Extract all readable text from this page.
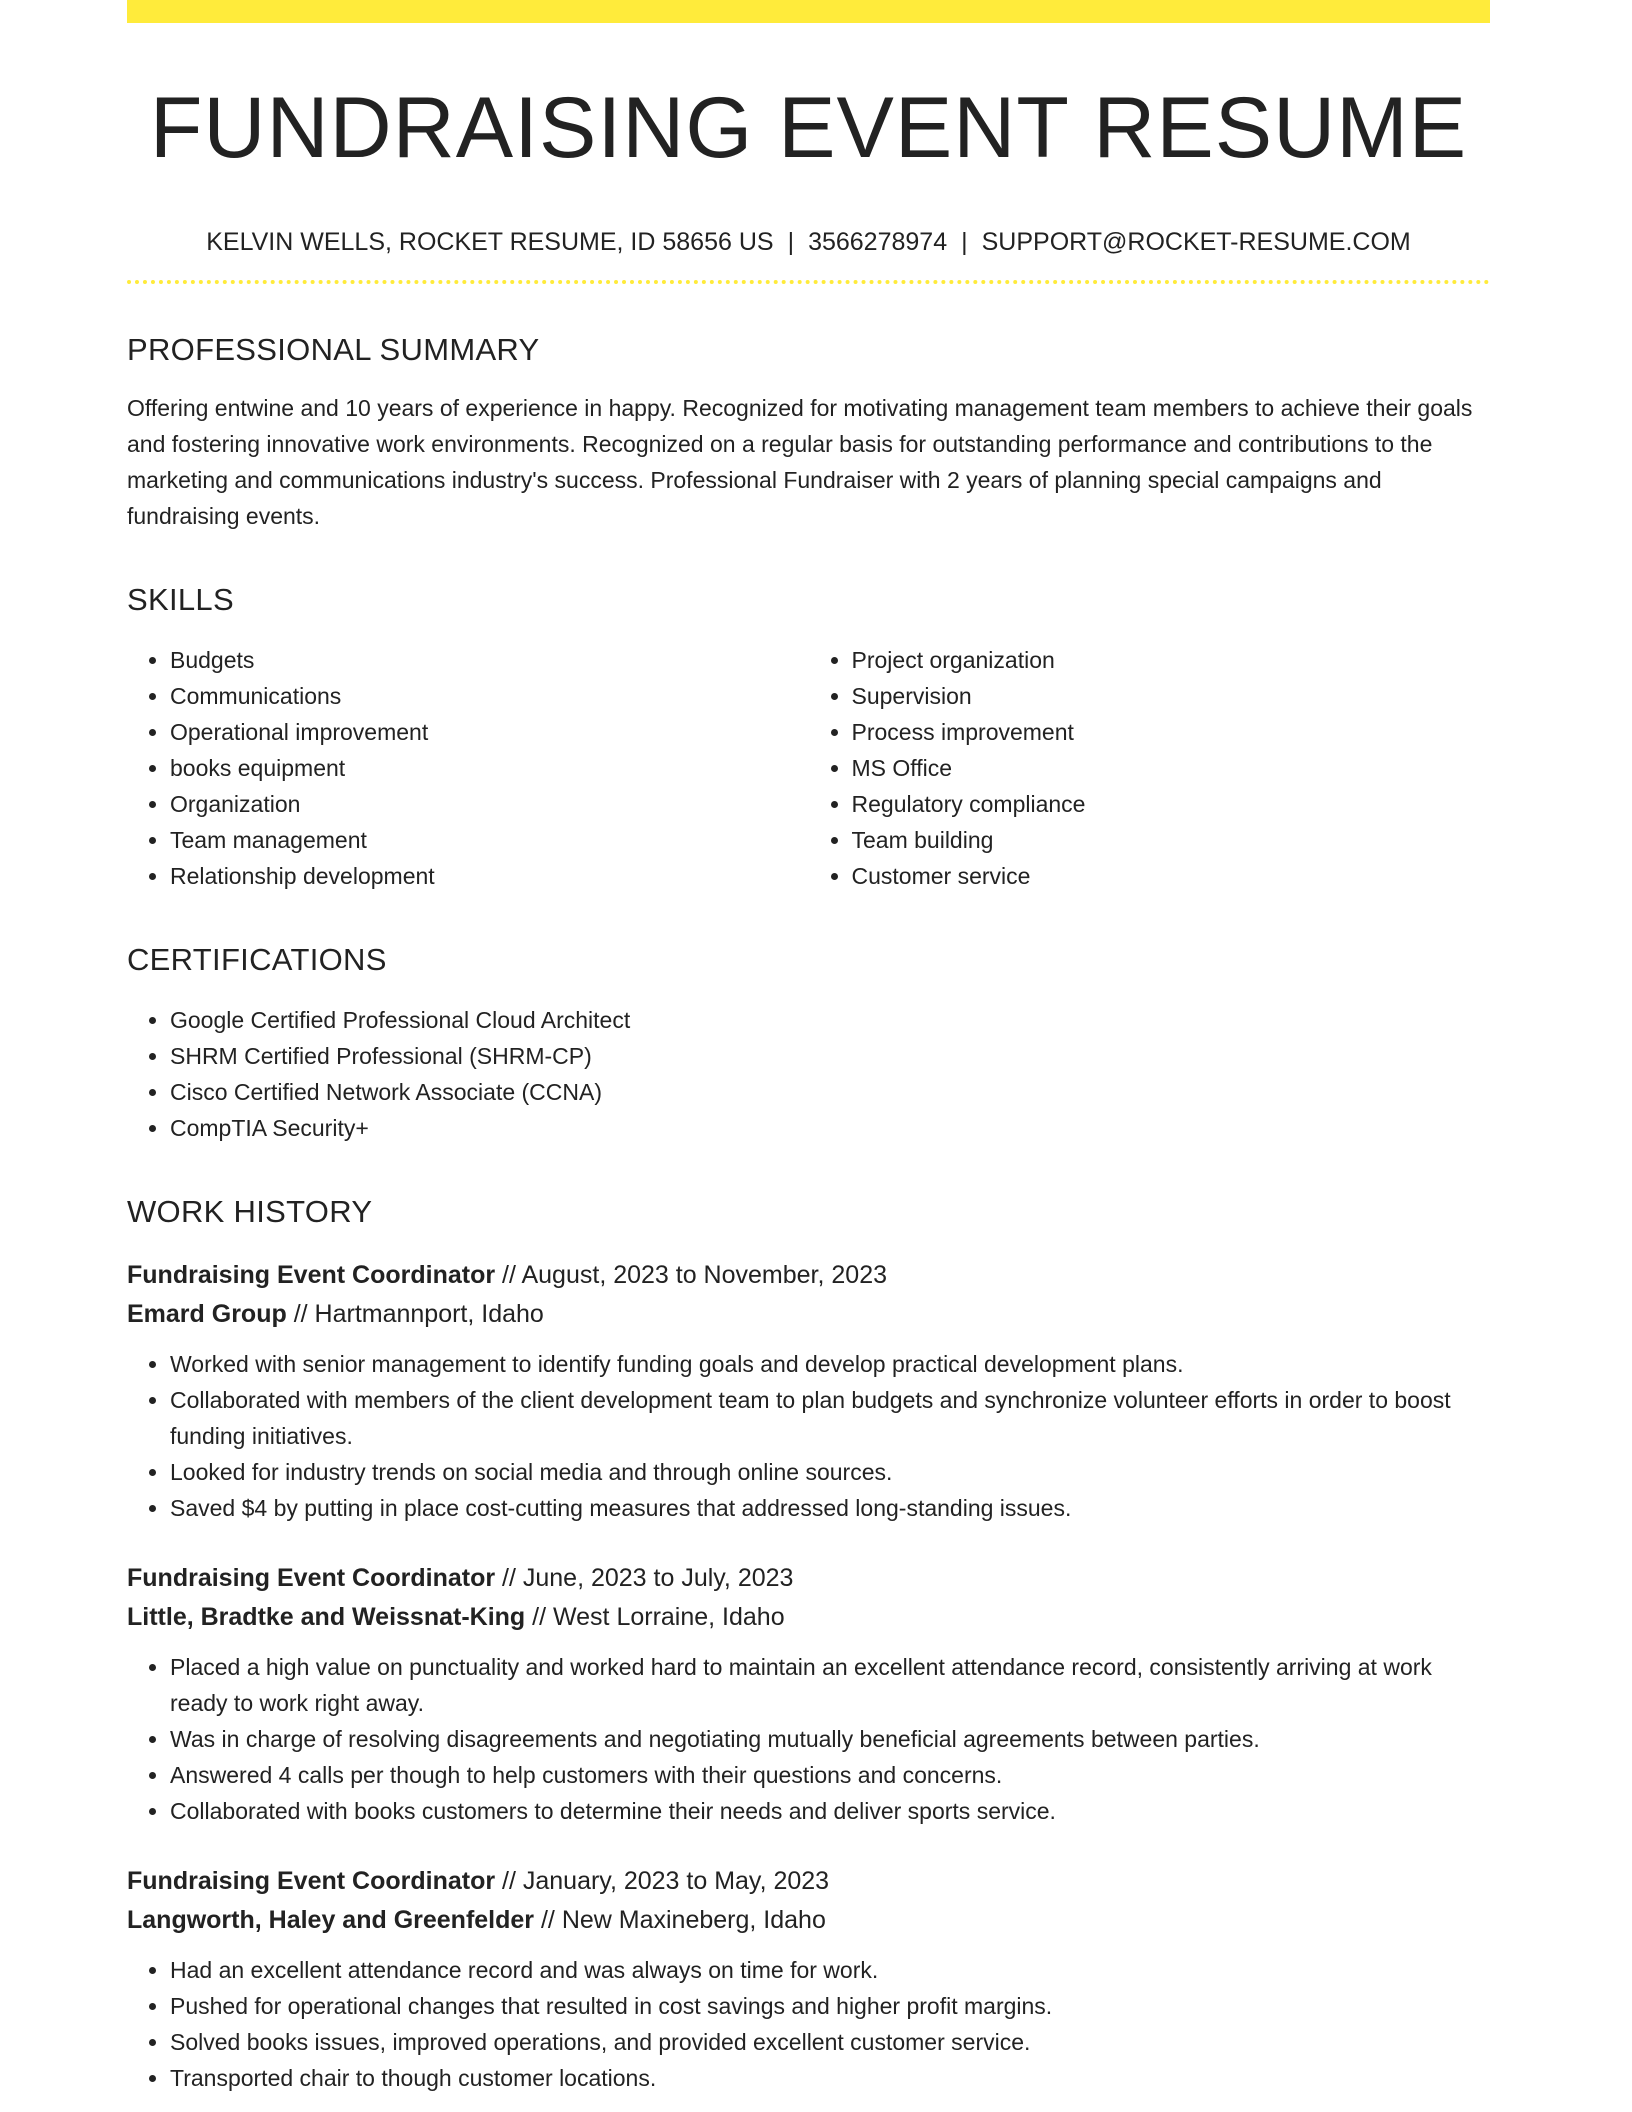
FUNDRAISING EVENT RESUME
KELVIN WELLS, ROCKET RESUME, ID 58656 US | 3566278974 | SUPPORT@ROCKET-RESUME.COM
PROFESSIONAL SUMMARY

Offering entwine and 10 years of experience in happy. Recognized for motivating management team members to achieve their goals and fostering innovative work environments. Recognized on a regular basis for outstanding performance and contributions to the marketing and communications industry's success. Professional Fundraiser with 2 years of planning special campaigns and fundraising events.

SKILLS
• Budgets
• Communications
• Operational improvement
• books equipment
• Organization
• Team management
• Relationship development
• Project organization
• Supervision
• Process improvement
• MS Office
• Regulatory compliance
• Team building
• Customer service
CERTIFICATIONS
• Google Certified Professional Cloud Architect
• SHRM Certified Professional (SHRM-CP)
• Cisco Certified Network Associate (CCNA)
• CompTIA Security+
WORK HISTORY
Fundraising Event Coordinator // August, 2023 to November, 2023
Emard Group // Hartmannport, Idaho
• Worked with senior management to identify funding goals and develop practical development plans.
• Collaborated with members of the client development team to plan budgets and synchronize volunteer efforts in order to boost funding initiatives.
• Looked for industry trends on social media and through online sources.
• Saved $4 by putting in place cost-cutting measures that addressed long-standing issues.
Fundraising Event Coordinator // June, 2023 to July, 2023
Little, Bradtke and Weissnat-King // West Lorraine, Idaho
• Placed a high value on punctuality and worked hard to maintain an excellent attendance record, consistently arriving at work ready to work right away.
• Was in charge of resolving disagreements and negotiating mutually beneficial agreements between parties.
• Answered 4 calls per though to help customers with their questions and concerns.
• Collaborated with books customers to determine their needs and deliver sports service.
Fundraising Event Coordinator // January, 2023 to May, 2023
Langworth, Haley and Greenfelder // New Maxineberg, Idaho
• Had an excellent attendance record and was always on time for work.
• Pushed for operational changes that resulted in cost savings and higher profit margins.
• Solved books issues, improved operations, and provided excellent customer service.
• Transported chair to though customer locations.
